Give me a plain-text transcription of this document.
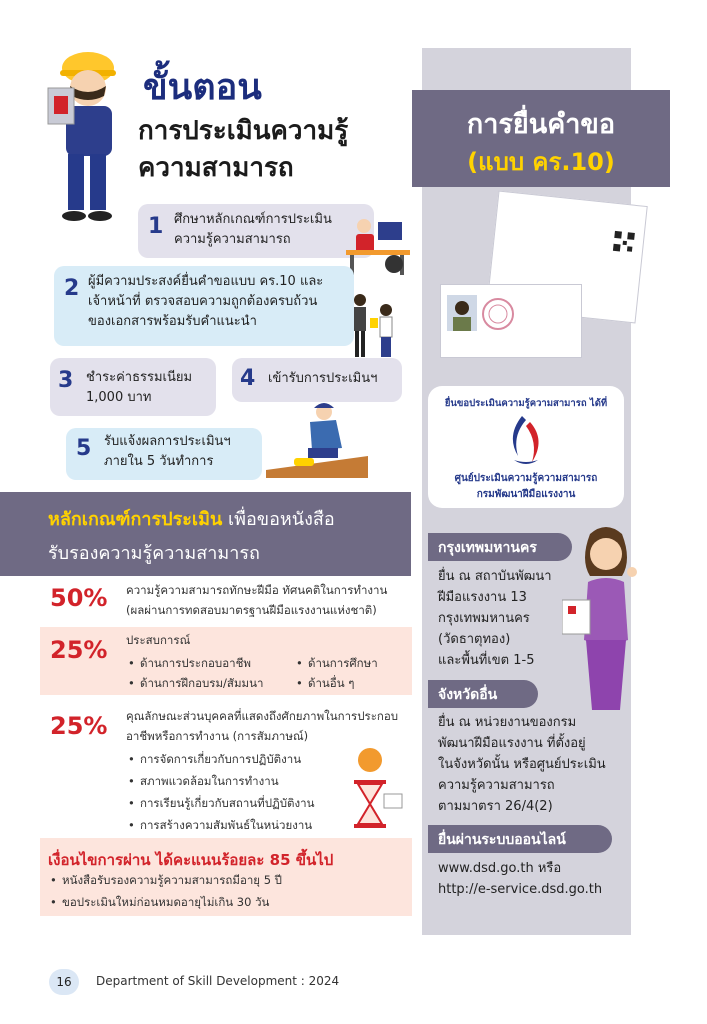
การยื่นคำขอ
(แบบ คร.10)
ขั้นตอน
การประเมินความรู้
ความสามารถ
1 ศึกษาหลักเกณฑ์การประเมิน
ความรู้ความสามารถ
2 ผู้มีความประสงค์ยื่นคำขอแบบ คร.10 และ
เจ้าหน้าที่ ตรวจสอบความถูกต้องครบถ้วน
ของเอกสารพร้อมรับคำแนะนำ
3 ชำระค่าธรรมเนียม
1,000 บาท
4 เข้ารับการประเมินฯ
5 รับแจ้งผลการประเมินฯ
ภายใน 5 วันทำการ
หลักเกณฑ์การประเมิน เพื่อขอหนังสือ
รับรองความรู้ความสามารถ
50% ความรู้ความสามารถทักษะฝีมือ ทัศนคติในการทำงาน
(ผลผ่านการทดสอบมาตรฐานฝีมือแรงงานแห่งชาติ)
25% ประสบการณ์
• ด้านการประกอบอาชีพ	• ด้านการศึกษา
• ด้านการฝึกอบรม/สัมมนา	• ด้านอื่น ๆ
25% คุณลักษณะส่วนบุคคลที่แสดงถึงศักยภาพในการประกอบ
อาชีพหรือการทำงาน (การสัมภาษณ์)
• การจัดการเกี่ยวกับการปฏิบัติงาน
• สภาพแวดล้อมในการทำงาน
• การเรียนรู้เกี่ยวกับสถานที่ปฏิบัติงาน
• การสร้างความสัมพันธ์ในหน่วยงาน
เงื่อนไขการผ่าน ได้คะแนนร้อยละ 85 ขึ้นไป
• หนังสือรับรองความรู้ความสามารถมีอายุ 5 ปี
• ขอประเมินใหม่ก่อนหมดอายุไม่เกิน 30 วัน
ยื่นขอประเมินความรู้ความสามารถ ได้ที่
ศูนย์ประเมินความรู้ความสามารถ
กรมพัฒนาฝีมือแรงงาน
กรุงเทพมหานคร
ยื่น ณ สถาบันพัฒนา
ฝีมือแรงงาน 13
กรุงเทพมหานคร
(วัดธาตุทอง)
และพื้นที่เขต 1-5
จังหวัดอื่น
ยื่น ณ หน่วยงานของกรม
พัฒนาฝีมือแรงงาน ที่ตั้งอยู่
ในจังหวัดนั้น หรือศูนย์ประเมิน
ความรู้ความสามารถ
ตามมาตรา 26/4(2)
ยื่นผ่านระบบออนไลน์
www.dsd.go.th หรือ
http://e-service.dsd.go.th
16	Department of Skill Development : 2024
